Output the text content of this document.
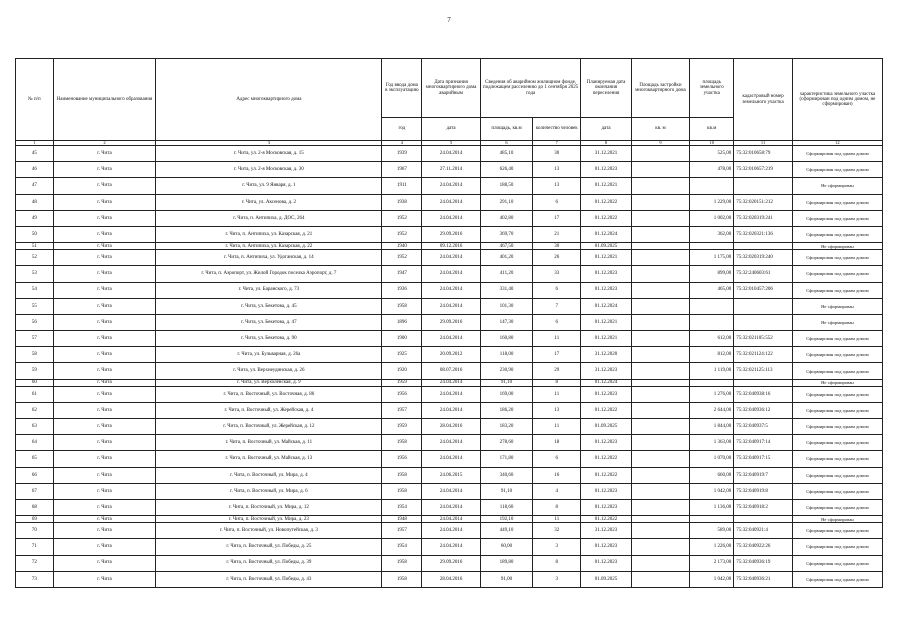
7
№ п/п	Наименование муниципального образования	Адрес многоквартирного дома	Год ввода дома в эксплуатацию	Дата признания многоквартирного дома аварийным	Сведения об аварийном жилищном фонде, подлежащем расселению до 1 сентября 2025 года		Планируемая дата окончания переселения	Площадь застройки многоквартирного дома	площадь земельного участка	кадастровый номер земельного участка	характеристика земельного участка (сформирован под одним домом, не сформирован)
			год	дата	площадь, кв.м	количество человек	дата	кв. м	кв.м		
1	2	3	4	5	6	7	8	9	10	11	12
45	г. Чита	г. Чита, ул. 2-я Московская, д. 15	1939	24.04.2014	485,10	30	31.12.2021		525,00	75:32:010658:79	Сформирован под одним домом
46	г. Чита	г. Чита, ул. 2-я Московская, д. 30	1967	27.11.2014	626,40	13	01.12.2023		478,00	75:32:010657:219	Сформирован под одним домом
47	г. Чита	г. Чита, ул. 9 Января, д. 1	1911	24.04.2014	188,50	13	01.12.2021				Не сформирован
48	г. Чита	г. Чита, ул. Аксенова, д. 2	1938	24.04.2014	291,10	6	01.12.2022		1 229,00	75:32:020151:212	Сформирован под одним домом
49	г. Чита	г. Чита, п. Антипиха, д. ДОС, 264	1952	24.04.2014	402,80	17	01.12.2022		1 002,00	75:32:020319:241	Сформирован под одним домом
50	г. Чита	г. Чита, п. Антипиха, ул. Казарская, д. 21	1952	29.09.2016	369,70	21	01.12.2024		362,00	75:32:020321:136	Сформирован под одним домом
51	г. Чита	г. Чита, п. Антипиха, ул. Казарская, д. 22	1940	09.12.2016	467,50	30	01.09.2025				Не сформирован
52	г. Чита	г. Чита, п. Антипиха, ул. Удоганская, д. 14	1952	24.04.2014	401,20	26	01.12.2021		1 175,00	75:32:020319:240	Сформирован под одним домом
53	г. Чита	г. Чита, п. Аэропорт, ул. Жилой Городок поселка Аэропорт, д. 7	1947	24.04.2014	411,20	33	01.12.2023		899,00	75:32:240603:61	Сформирован под одним домом
54	г. Чита	г. Чита, ул. Баранского, д. 73	1936	24.04.2014	331,40	6	01.12.2023		465,00	75:32:010457:206	Сформирован под одним домом
55	г. Чита	г. Чита, ул. Бекетова, д. 45	1958	24.04.2014	101,30	7	01.12.2024				Не сформирован
56	г. Чита	г. Чита, ул. Бекетова, д. 47	1896	29.09.2016	147,30	6	01.12.2021				Не сформирован
57	г. Чита	г. Чита, ул. Бекетова, д. 90	1900	24.04.2014	160,80	11	01.12.2021		612,00	75:32:021105:552	Сформирован под одним домом
58	г. Чита	г. Чита, ул. Бульварная, д. 26а	1925	20.09.2012	118,00	17	31.12.2020		812,00	75:32:021124:122	Сформирован под одним домом
59	г. Чита	г. Чита, ул. Верхнеудинская, д. 26	1920	08.07.2016	230,90	29	31.12.2023		1 119,00	75:32:021125:113	Сформирован под одним домом
60	г. Чита	г. Чита, ул. Верхоленская, д. 9	1959	24.04.2014	91,10	8	01.12.2024				Не сформирован
61	г. Чита	г. Чита, п. Восточный, ул. Восточная, д. 86	1956	24.04.2014	169,00	11	01.12.2023		1 276,00	75:32:040938:16	Сформирован под одним домом
62	г. Чита	г. Чита, п. Восточный, ул. Жерейская, д. 4	1957	24.04.2014	186,20	13	01.12.2022		2 644,00	75:32:040936:12	Сформирован под одним домом
63	г. Чита	г. Чита, п. Восточный, ул. Жерейская, д. 12	1959	28.04.2016	183,20	11	01.09.2025		1 844,00	75:32:040937:5	Сформирован под одним домом
64	г. Чита	г. Чита, п. Восточный, ул. Майская, д. 11	1958	24.04.2014	278,60	18	01.12.2023		1 363,00	75:32:040917:14	Сформирован под одним домом
65	г. Чита	г. Чита, п. Восточный, ул. Майская, д. 13	1956	24.04.2014	171,80	6	01.12.2022		1 070,00	75:32:040917:15	Сформирован под одним домом
66	г. Чита	г. Чита, п. Восточный, ул. Мира, д. 4	1958	24.06.2015	340,60	16	01.12.2022		660,00	75:32:040919:7	Сформирован под одним домом
67	г. Чита	г. Чита, п. Восточный, ул. Мира, д. 6	1958	24.04.2014	91,10	4	01.12.2023		1 042,00	75:32:040919:8	Сформирован под одним домом
68	г. Чита	г. Чита, п. Восточный, ул. Мира, д. 12	1954	24.04.2014	118,60	8	01.12.2023		1 136,00	75:32:040918:2	Сформирован под одним домом
69	г. Чита	г. Чита, п. Восточный, ул. Мира, д. 23	1948	24.04.2014	192,10	11	01.12.2022				Не сформирован
70	г. Чита	г. Чита, п. Восточный, ул. Новопутейская, д. 3	1957	24.04.2014	449,10	32	31.12.2023		589,00	75:32:040921:4	Сформирован под одним домом
71	г. Чита	г. Чита, п. Восточный, ул. Победы, д. 25	1954	24.04.2014	60,00	3	01.12.2023		1 226,00	75:32:040922:26	Сформирован под одним домом
72	г. Чита	г. Чита, п. Восточный, ул. Победы, д. 39	1958	29.09.2016	189,80	8	01.12.2023		2 173,00	75:32:040936:19	Сформирован под одним домом
73	г. Чита	г. Чита, п. Восточный, ул. Победы, д. 43	1958	28.04.2016	91,00	3	01.09.2025		1 042,00	75:32:040936:21	Сформирован под одним домом
